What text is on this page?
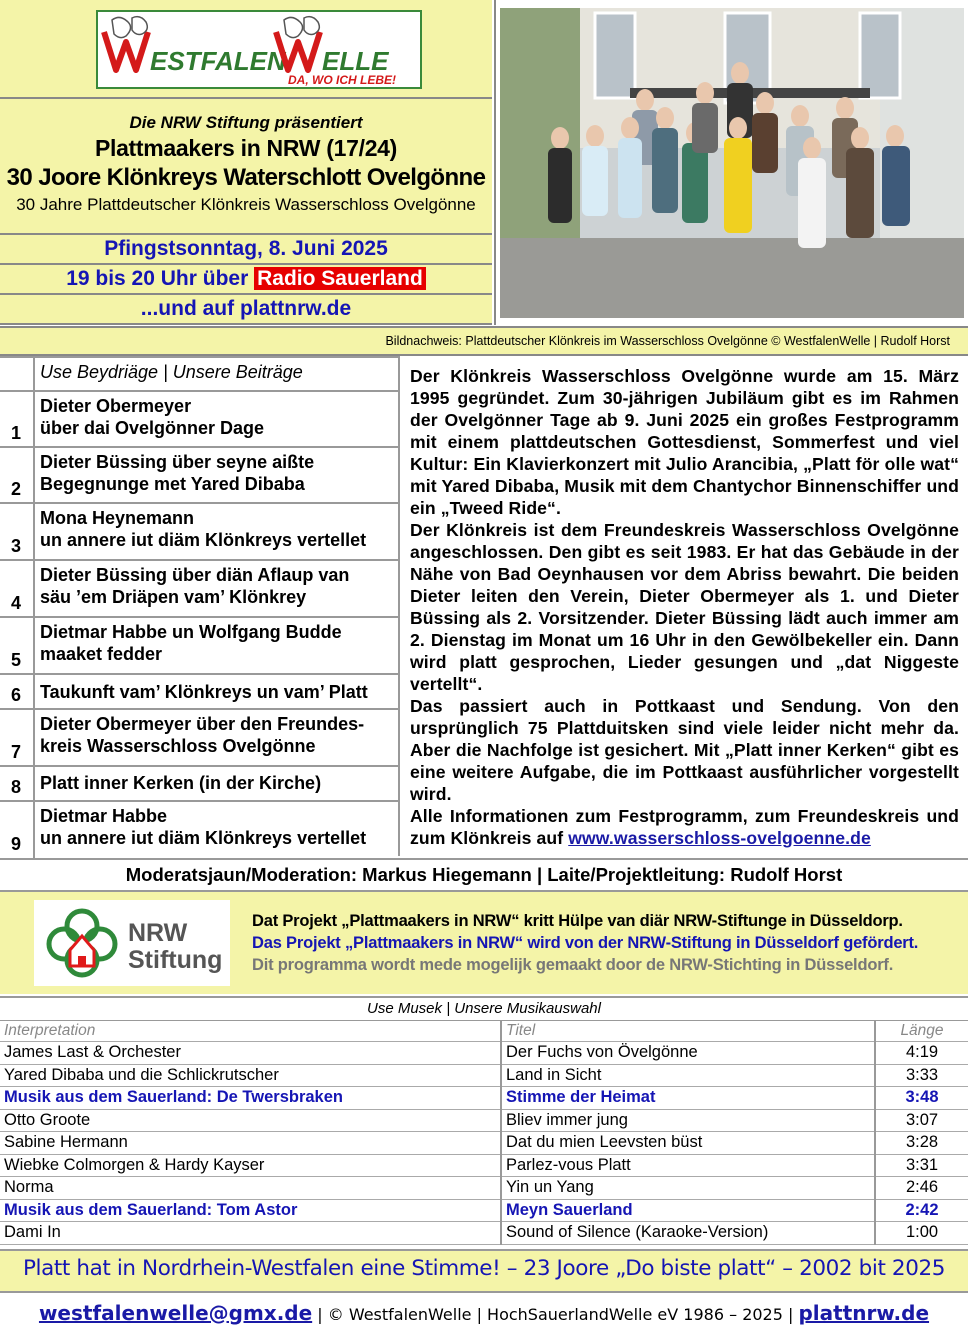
ESTFALEN ELLE
DA, WO ICH LEBE!
Die NRW Stiftung präsentiert
Plattmaakers in NRW (17/24)
30 Joore Klönkreys Waterschlott Ovelgönne
30 Jahre Plattdeutscher Klönkreis Wasserschloss Ovelgönne
Pfingstsonntag, 8. Juni 2025
19 bis 20 Uhr über Radio Sauerland
...und auf plattnrw.de
Bildnachweis: Plattdeutscher Klönkreis im Wasserschloss Ovelgönne © WestfalenWelle | Rudolf Horst
Use Beydriäge | Unsere Beiträge
1
Dieter Obermeyer
über dai Ovelgönner Dage
2
Dieter Büssing über seyne aißte
Begegnunge met Yared Dibaba
3
Mona Heynemann
un annere iut diäm Klönkreys vertellet
4
Dieter Büssing über diän Aflaup van
säu ’em Driäpen vam’ Klönkrey
5
Dietmar Habbe un Wolfgang Budde
maaket fedder
6 Taukunft vam’ Klönkreys un vam’ Platt
7
Dieter Obermeyer über den Freundes-
kreis Wasserschloss Ovelgönne
8 Platt inner Kerken (in der Kirche)
9
Dietmar Habbe
un annere iut diäm Klönkreys vertellet

Der Klönkreis Wasserschloss Ovelgönne wurde am 15. März 1995 gegründet. Zum 30-jährigen Jubiläum gibt es im Rahmen der Ovelgönner Tage ab 9. Juni 2025 ein großes Festprogramm mit einem plattdeutschen Gottesdienst, Sommerfest und viel Kultur: Ein Klavierkonzert mit Julio Arancibia, „Platt för olle wat“ mit Yared Dibaba, Musik mit dem Chantychor Binnenschiffer und ein „Tweed Ride“.

Der Klönkreis ist dem Freundeskreis Wasserschloss Ovelgönne angeschlossen. Den gibt es seit 1983. Er hat das Gebäude in der Nähe von Bad Oeynhausen vor dem Abriss bewahrt. Die beiden Dieter leiten den Verein, Dieter Obermeyer als 1. und Dieter Büssing als 2. Vorsitzender. Dieter Büssing lädt auch immer am 2. Dienstag im Monat um 16 Uhr in den Gewölbekeller ein. Dann wird platt gesprochen, Lieder gesungen und „dat Niggeste vertellt“.

Das passiert auch in Pottkaast und Sendung. Von den ursprünglich 75 Plattduitsken sind viele leider nicht mehr da. Aber die Nachfolge ist gesichert. Mit „Platt inner Kerken“ gibt es eine weitere Aufgabe, die im Pottkaast ausführlicher vorgestellt wird.

Alle Informationen zum Festprogramm, zum Freundeskreis und zum Klönkreis auf www.wasserschloss-ovelgoenne.de

Moderatsjaun/Moderation: Markus Hiegemann | Laite/Projektleitung: Rudolf Horst
NRW
Stiftung
Dat Projekt „Plattmaakers in NRW“ kritt Hülpe van diär NRW-Stiftunge in Düsseldorp.
Das Projekt „Plattmaakers in NRW“ wird von der NRW-Stiftung in Düsseldorf gefördert.
Dit programma wordt mede mogelijk gemaakt door de NRW-Stichting in Düsseldorf.
Use Musek | Unsere Musikauswahl
Interpretation	Titel	Länge
James Last & Orchester	Der Fuchs von Övelgönne	4:19
Yared Dibaba und die Schlickrutscher	Land in Sicht	3:33
Musik aus dem Sauerland: De Twersbraken	Stimme der Heimat	3:48
Otto Groote	Bliev immer jung	3:07
Sabine Hermann	Dat du mien Leevsten büst	3:28
Wiebke Colmorgen & Hardy Kayser	Parlez-vous Platt	3:31
Norma	Yin un Yang	2:46
Musik aus dem Sauerland: Tom Astor	Meyn Sauerland	2:42
Dami In	Sound of Silence (Karaoke-Version)	1:00
Platt hat in Nordrhein-Westfalen eine Stimme! – 23 Joore „Do biste platt“ – 2002 bit 2025
westfalenwelle@gmx.de | © WestfalenWelle | HochSauerlandWelle eV 1986 – 2025 | plattnrw.de
